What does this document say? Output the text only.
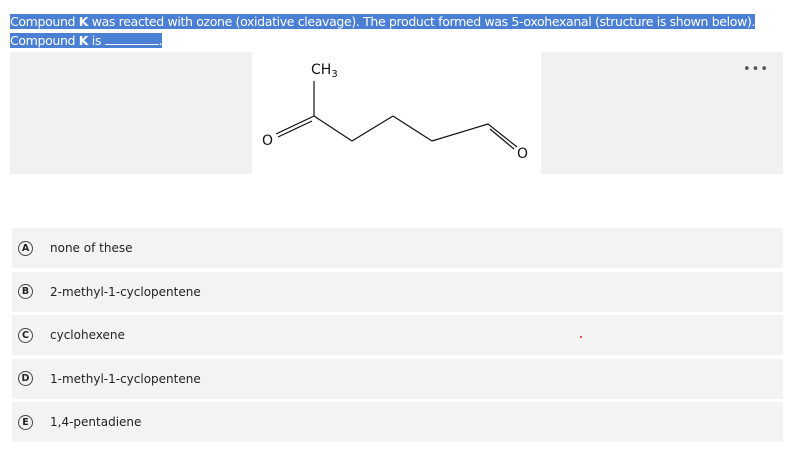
Compound K was reacted with ozone (oxidative cleavage). The product formed was 5-oxohexanal (structure is shown below).
Compound K is	.
•••
$CH_3$
O
O
A	none of these
B	2-methyl-1-cyclopentene
C	cyclohexene
D 1-methyl-1-cyclopentene
E	1,4-pentadiene
